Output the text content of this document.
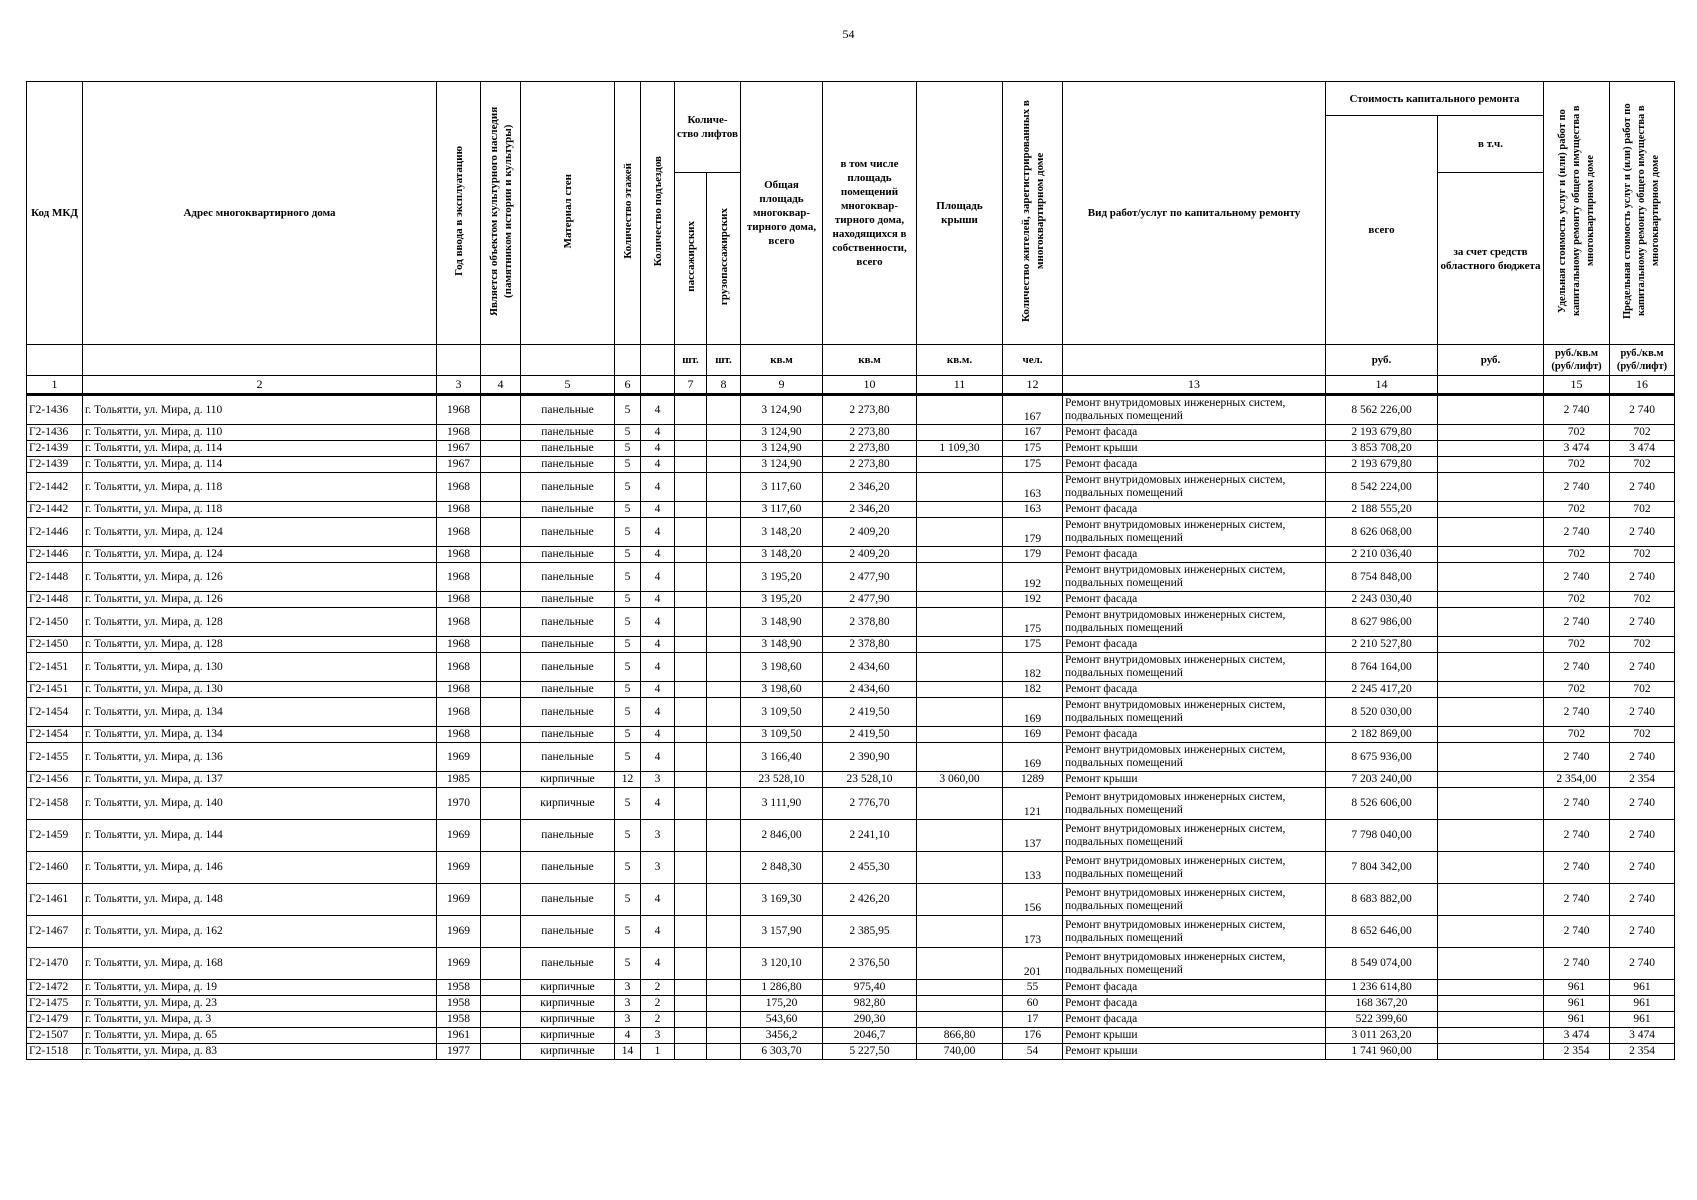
54
Код МКД	Адрес многоквартирного дома	Год ввода в эксплуатацию	Является объектом культурного наследия (памятником истории и культуры)	Материал стен	Количество этажей	Количество подъездов	Количе-ство лифтов		Общая площадь многоквар-тирного дома, всего	в том числе площадь помещений многоквар-тирного дома, находящихся в собственности, всего	Площадь крыши	Количество жителей, зарегистрированных в многоквартирном доме	Вид работ/услуг по капитальному ремонту	Стоимость капитального ремонта		Удельная стоимость услуг и (или) работ по капитальному ремонту общего имущества в многоквартирном доме	Предельная стоимость услуг и (или) работ по капитальному ремонту общего имущества в многоквартирном доме
														всего	в т.ч.		
							пассажирских	грузопассажирских							за счет средств областного бюджета		
							шт.	шт.	кв.м	кв.м	кв.м.	чел.		руб.	руб.	руб./кв.м (руб/лифт)	руб./кв.м (руб/лифт)
1	2	3	4	5	6		7	8	9	10	11	12	13	14		15	16
Г2-1436	г. Тольятти, ул. Мира, д. 110	1968		панельные	5	4			3 124,90	2 273,80		167	Ремонт внутридомовых инженерных систем, подвальных помещений	8 562 226,00		2 740	2 740
Г2-1436	г. Тольятти, ул. Мира, д. 110	1968		панельные	5	4			3 124,90	2 273,80		167	Ремонт фасада	2 193 679,80		702	702
Г2-1439	г. Тольятти, ул. Мира, д. 114	1967		панельные	5	4			3 124,90	2 273,80	1 109,30	175	Ремонт крыши	3 853 708,20		3 474	3 474
Г2-1439	г. Тольятти, ул. Мира, д. 114	1967		панельные	5	4			3 124,90	2 273,80		175	Ремонт фасада	2 193 679,80		702	702
Г2-1442	г. Тольятти, ул. Мира, д. 118	1968		панельные	5	4			3 117,60	2 346,20		163	Ремонт внутридомовых инженерных систем, подвальных помещений	8 542 224,00		2 740	2 740
Г2-1442	г. Тольятти, ул. Мира, д. 118	1968		панельные	5	4			3 117,60	2 346,20		163	Ремонт фасада	2 188 555,20		702	702
Г2-1446	г. Тольятти, ул. Мира, д. 124	1968		панельные	5	4			3 148,20	2 409,20		179	Ремонт внутридомовых инженерных систем, подвальных помещений	8 626 068,00		2 740	2 740
Г2-1446	г. Тольятти, ул. Мира, д. 124	1968		панельные	5	4			3 148,20	2 409,20		179	Ремонт фасада	2 210 036,40		702	702
Г2-1448	г. Тольятти, ул. Мира, д. 126	1968		панельные	5	4			3 195,20	2 477,90		192	Ремонт внутридомовых инженерных систем, подвальных помещений	8 754 848,00		2 740	2 740
Г2-1448	г. Тольятти, ул. Мира, д. 126	1968		панельные	5	4			3 195,20	2 477,90		192	Ремонт фасада	2 243 030,40		702	702
Г2-1450	г. Тольятти, ул. Мира, д. 128	1968		панельные	5	4			3 148,90	2 378,80		175	Ремонт внутридомовых инженерных систем, подвальных помещений	8 627 986,00		2 740	2 740
Г2-1450	г. Тольятти, ул. Мира, д. 128	1968		панельные	5	4			3 148,90	2 378,80		175	Ремонт фасада	2 210 527,80		702	702
Г2-1451	г. Тольятти, ул. Мира, д. 130	1968		панельные	5	4			3 198,60	2 434,60		182	Ремонт внутридомовых инженерных систем, подвальных помещений	8 764 164,00		2 740	2 740
Г2-1451	г. Тольятти, ул. Мира, д. 130	1968		панельные	5	4			3 198,60	2 434,60		182	Ремонт фасада	2 245 417,20		702	702
Г2-1454	г. Тольятти, ул. Мира, д. 134	1968		панельные	5	4			3 109,50	2 419,50		169	Ремонт внутридомовых инженерных систем, подвальных помещений	8 520 030,00		2 740	2 740
Г2-1454	г. Тольятти, ул. Мира, д. 134	1968		панельные	5	4			3 109,50	2 419,50		169	Ремонт фасада	2 182 869,00		702	702
Г2-1455	г. Тольятти, ул. Мира, д. 136	1969		панельные	5	4			3 166,40	2 390,90		169	Ремонт внутридомовых инженерных систем, подвальных помещений	8 675 936,00		2 740	2 740
Г2-1456	г. Тольятти, ул. Мира, д. 137	1985		кирпичные	12	3			23 528,10	23 528,10	3 060,00	1289	Ремонт крыши	7 203 240,00		2 354,00	2 354
Г2-1458	г. Тольятти, ул. Мира, д. 140	1970		кирпичные	5	4			3 111,90	2 776,70		121	Ремонт внутридомовых инженерных систем, подвальных помещений	8 526 606,00		2 740	2 740
Г2-1459	г. Тольятти, ул. Мира, д. 144	1969		панельные	5	3			2 846,00	2 241,10		137	Ремонт внутридомовых инженерных систем, подвальных помещений	7 798 040,00		2 740	2 740
Г2-1460	г. Тольятти, ул. Мира, д. 146	1969		панельные	5	3			2 848,30	2 455,30		133	Ремонт внутридомовых инженерных систем, подвальных помещений	7 804 342,00		2 740	2 740
Г2-1461	г. Тольятти, ул. Мира, д. 148	1969		панельные	5	4			3 169,30	2 426,20		156	Ремонт внутридомовых инженерных систем, подвальных помещений	8 683 882,00		2 740	2 740
Г2-1467	г. Тольятти, ул. Мира, д. 162	1969		панельные	5	4			3 157,90	2 385,95		173	Ремонт внутридомовых инженерных систем, подвальных помещений	8 652 646,00		2 740	2 740
Г2-1470	г. Тольятти, ул. Мира, д. 168	1969		панельные	5	4			3 120,10	2 376,50		201	Ремонт внутридомовых инженерных систем, подвальных помещений	8 549 074,00		2 740	2 740
Г2-1472	г. Тольятти, ул. Мира, д. 19	1958		кирпичные	3	2			1 286,80	975,40		55	Ремонт фасада	1 236 614,80		961	961
Г2-1475	г. Тольятти, ул. Мира, д. 23	1958		кирпичные	3	2			175,20	982,80		60	Ремонт фасада	168 367,20		961	961
Г2-1479	г. Тольятти, ул. Мира, д. 3	1958		кирпичные	3	2			543,60	290,30		17	Ремонт фасада	522 399,60		961	961
Г2-1507	г. Тольятти, ул. Мира, д. 65	1961		кирпичные	4	3			3456,2	2046,7	866,80	176	Ремонт крыши	3 011 263,20		3 474	3 474
Г2-1518	г. Тольятти, ул. Мира, д. 83	1977		кирпичные	14	1			6 303,70	5 227,50	740,00	54	Ремонт крыши	1 741 960,00		2 354	2 354
